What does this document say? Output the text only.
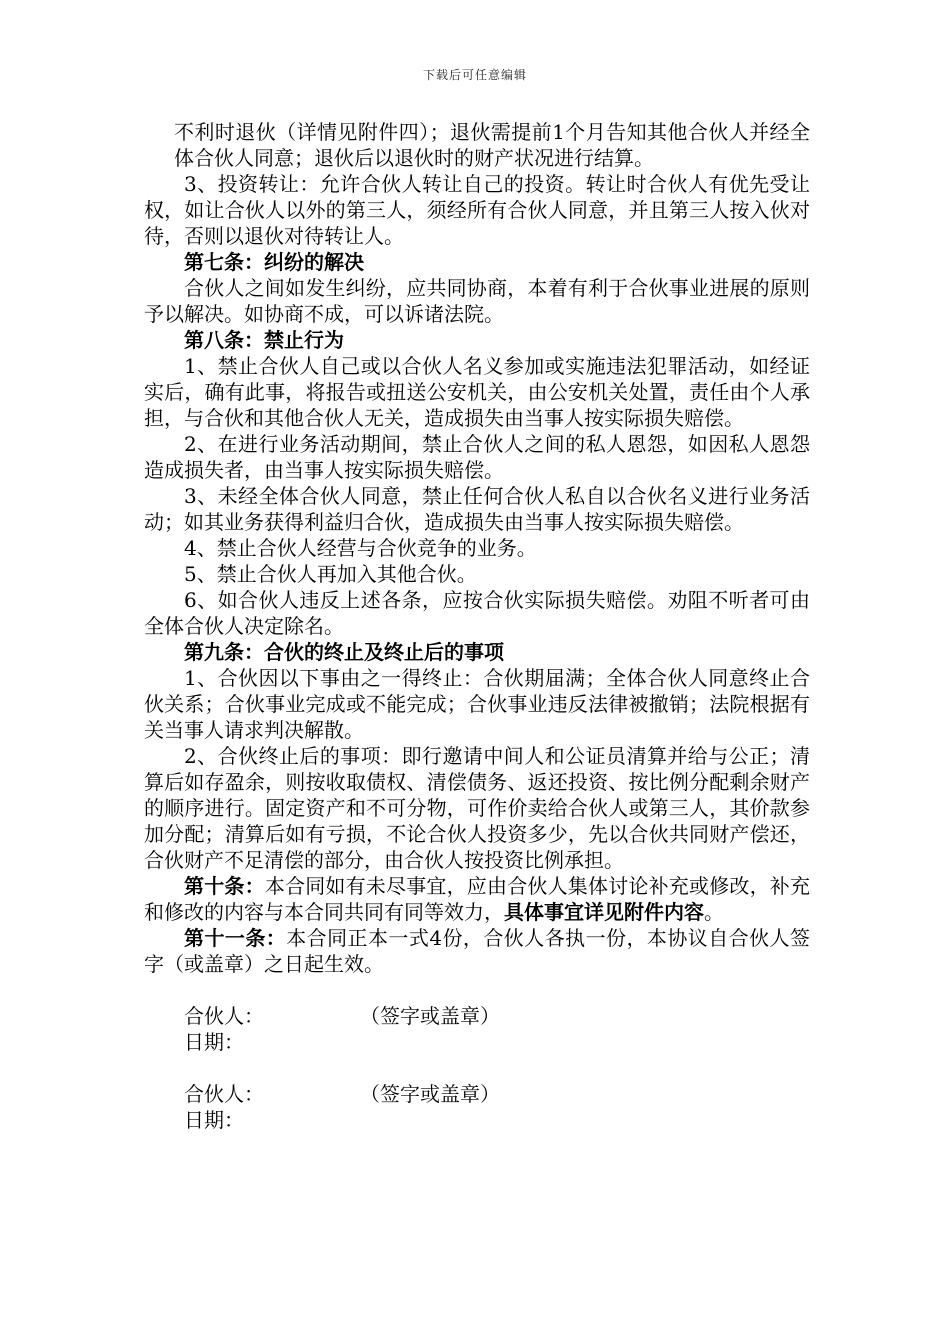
下载后可任意编辑

不利时退伙（详情见附件四）；退伙需提前1个月告知其他合伙人并经全体合伙人同意；退伙后以退伙时的财产状况进行结算。

3、投资转让：允许合伙人转让自己的投资。转让时合伙人有优先受让权，如让合伙人以外的第三人，须经所有合伙人同意，并且第三人按入伙对待，否则以退伙对待转让人。

第七条：纠纷的解决

合伙人之间如发生纠纷，应共同协商，本着有利于合伙事业进展的原则予以解决。如协商不成，可以诉诸法院。

第八条：禁止行为

1、禁止合伙人自己或以合伙人名义参加或实施违法犯罪活动，如经证实后，确有此事，将报告或扭送公安机关，由公安机关处置，责任由个人承担，与合伙和其他合伙人无关，造成损失由当事人按实际损失赔偿。

2、在进行业务活动期间，禁止合伙人之间的私人恩怨，如因私人恩怨造成损失者，由当事人按实际损失赔偿。

3、未经全体合伙人同意，禁止任何合伙人私自以合伙名义进行业务活动；如其业务获得利益归合伙，造成损失由当事人按实际损失赔偿。

4、禁止合伙人经营与合伙竞争的业务。

5、禁止合伙人再加入其他合伙。

6、如合伙人违反上述各条，应按合伙实际损失赔偿。劝阻不听者可由全体合伙人决定除名。

第九条：合伙的终止及终止后的事项

1、合伙因以下事由之一得终止：合伙期届满；全体合伙人同意终止合伙关系；合伙事业完成或不能完成；合伙事业违反法律被撤销；法院根据有关当事人请求判决解散。

2、合伙终止后的事项：即行邀请中间人和公证员清算并给与公正；清算后如存盈余，则按收取债权、清偿债务、返还投资、按比例分配剩余财产的顺序进行。固定资产和不可分物，可作价卖给合伙人或第三人，其价款参加分配；清算后如有亏损，不论合伙人投资多少，先以合伙共同财产偿还，合伙财产不足清偿的部分，由合伙人按投资比例承担。

第十条：本合同如有未尽事宜，应由合伙人集体讨论补充或修改，补充和修改的内容与本合同共同有同等效力，具体事宜详见附件内容。

第十一条：本合同正本一式4份，合伙人各执一份，本协议自合伙人签字（或盖章）之日起生效。

合伙人：	（签字或盖章）

日期：

合伙人：	（签字或盖章）

日期：
